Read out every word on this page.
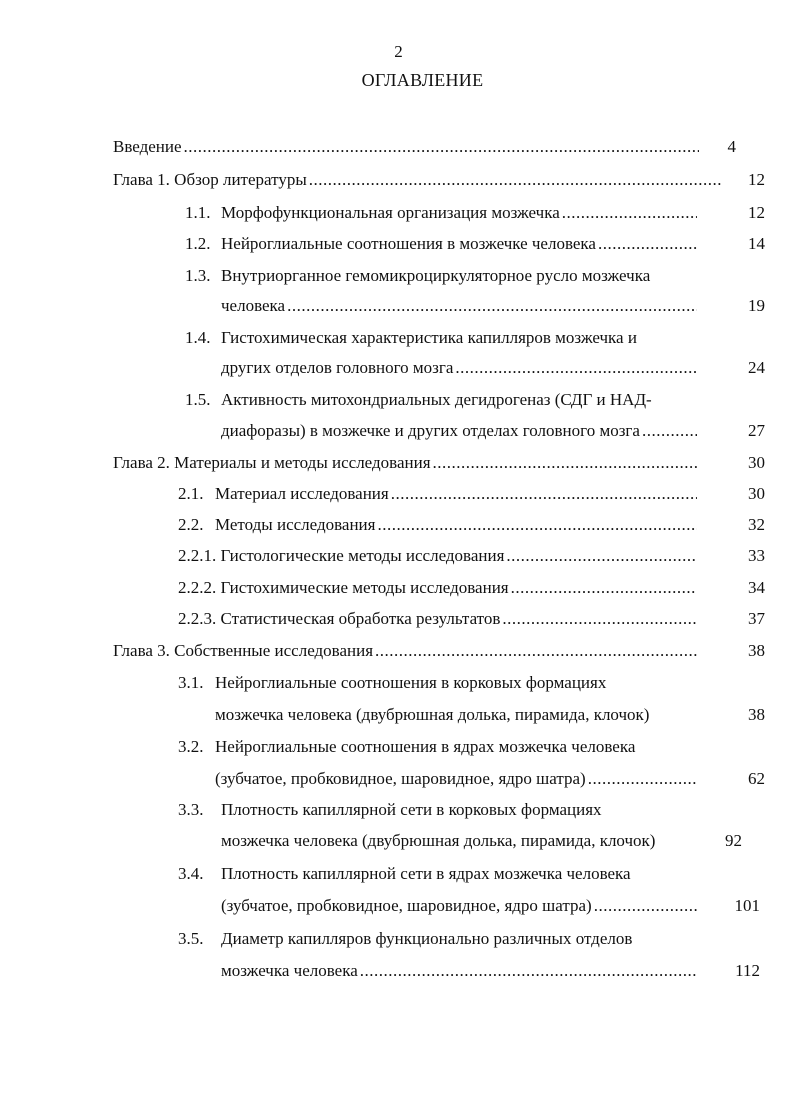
2
ОГЛАВЛЕНИЕ
Введение .....	4
Глава 1. Обзор литературы .....	12
1.1. Морфофункциональная организация мозжечка .....	12
1.2. Нейроглиальные соотношения в мозжечке человека .....	14
1.3. Внутриорганное гемомикроциркуляторное русло мозжечка
человека .....	19
1.4. Гистохимическая характеристика капилляров мозжечка и
других отделов головного мозга .....	24
1.5. Активность митохондриальных дегидрогеназ (СДГ и НАД-
диафоразы) в мозжечке и других отделах головного мозга .....	27
Глава 2. Материалы и методы исследования .....	30
2.1. Материал исследования .....	30
2.2. Методы исследования .....	32
2.2.1. Гистологические методы исследования .....	33
2.2.2. Гистохимические методы исследования .....	34
2.2.3. Статистическая обработка результатов .....	37
Глава 3. Собственные исследования .....	38
3.1. Нейроглиальные соотношения в корковых формациях
мозжечка человека (двубрюшная долька, пирамида, клочок)	38
3.2. Нейроглиальные соотношения в ядрах мозжечка человека
(зубчатое, пробковидное, шаровидное, ядро шатра) .....	62
3.3. Плотность капиллярной сети в корковых формациях
мозжечка человека (двубрюшная долька, пирамида, клочок)	92
3.4. Плотность капиллярной сети в ядрах мозжечка человека
(зубчатое, пробковидное, шаровидное, ядро шатра) .....	101
3.5. Диаметр капилляров функционально различных отделов
мозжечка человека .....	112
